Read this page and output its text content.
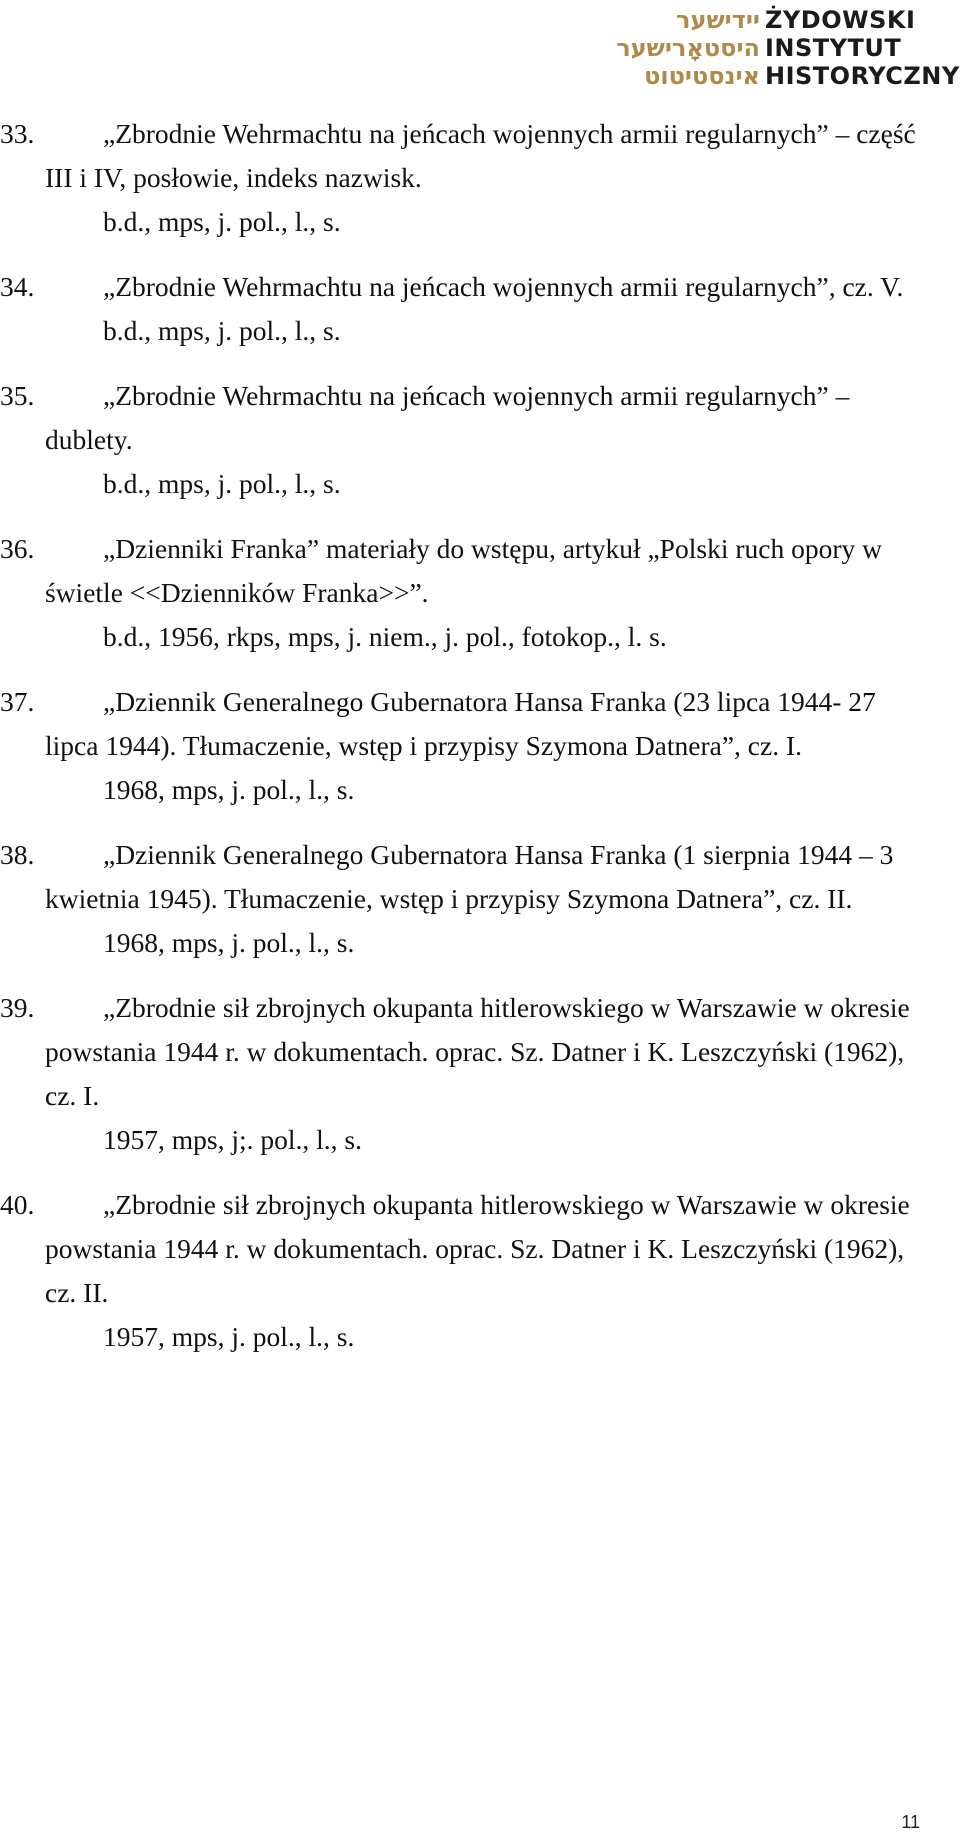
יידישער
היסטאָרישער
אינסטיטוט
ŻYDOWSKI
INSTYTUT
HISTORYCZNY

33.	„Zbrodnie Wehrmachtu na jeńcach wojennych armii regularnych” – część III i IV, posłowie, indeks nazwisk.

b.d., mps, j. pol., l., s.

34.	„Zbrodnie Wehrmachtu na jeńcach wojennych armii regularnych”, cz. V.

b.d., mps, j. pol., l., s.

35.	„Zbrodnie Wehrmachtu na jeńcach wojennych armii regularnych” – dublety.

b.d., mps, j. pol., l., s.

36.	„Dzienniki Franka” materiały do wstępu, artykuł „Polski ruch opory w świetle <<Dzienników Franka>>”.

b.d., 1956, rkps, mps, j. niem., j. pol., fotokop., l. s.

37.	„Dziennik Generalnego Gubernatora Hansa Franka (23 lipca 1944- 27 lipca 1944). Tłumaczenie, wstęp i przypisy Szymona Datnera”, cz. I.

1968, mps, j. pol., l., s.

38.	„Dziennik Generalnego Gubernatora Hansa Franka (1 sierpnia 1944 – 3 kwietnia 1945). Tłumaczenie, wstęp i przypisy Szymona Datnera”, cz. II.

1968, mps, j. pol., l., s.

39.	„Zbrodnie sił zbrojnych okupanta hitlerowskiego w Warszawie w okresie powstania 1944 r. w dokumentach. oprac. Sz. Datner i K. Leszczyński (1962), cz. I.

1957, mps, j;. pol., l., s.

40.	„Zbrodnie sił zbrojnych okupanta hitlerowskiego w Warszawie w okresie powstania 1944 r. w dokumentach. oprac. Sz. Datner i K. Leszczyński (1962), cz. II.

1957, mps, j. pol., l., s.

11
